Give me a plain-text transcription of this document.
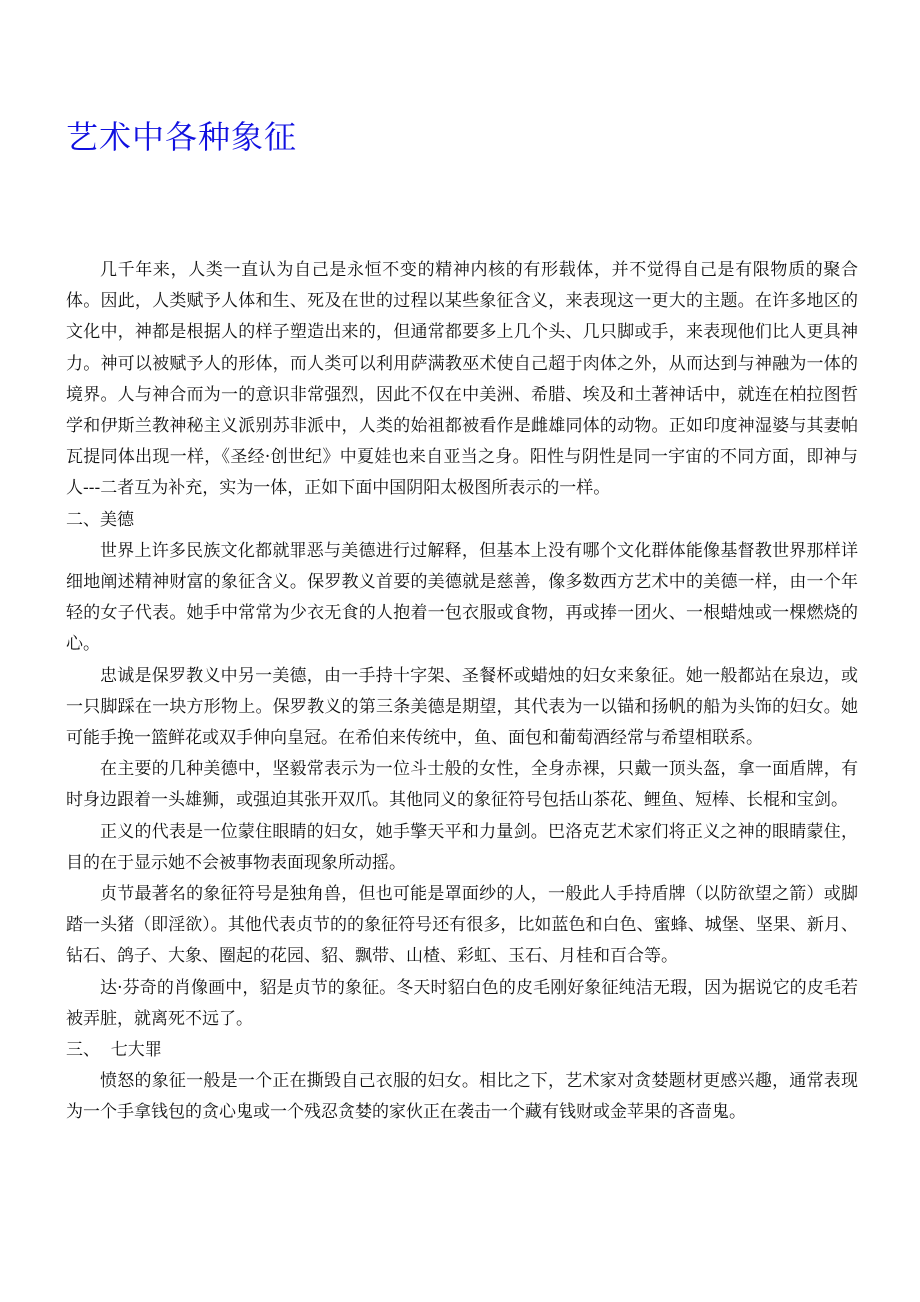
艺术中各种象征

几千年来，人类一直认为自己是永恒不变的精神内核的有形载体，并不觉得自己是有限物质的聚合体。因此，人类赋予人体和生、死及在世的过程以某些象征含义，来表现这一更大的主题。在许多地区的文化中，神都是根据人的样子塑造出来的，但通常都要多上几个头、几只脚或手，来表现他们比人更具神力。神可以被赋予人的形体，而人类可以利用萨满教巫术使自己超于肉体之外，从而达到与神融为一体的境界。人与神合而为一的意识非常强烈，因此不仅在中美洲、希腊、埃及和土著神话中，就连在柏拉图哲学和伊斯兰教神秘主义派别苏非派中，人类的始祖都被看作是雌雄同体的动物。正如印度神湿婆与其妻帕瓦提同体出现一样，《圣经·创世纪》中夏娃也来自亚当之身。阳性与阴性是同一宇宙的不同方面，即神与人---二者互为补充，实为一体，正如下面中国阴阳太极图所表示的一样。

二、美德

世界上许多民族文化都就罪恶与美德进行过解释，但基本上没有哪个文化群体能像基督教世界那样详细地阐述精神财富的象征含义。保罗教义首要的美德就是慈善，像多数西方艺术中的美德一样，由一个年轻的女子代表。她手中常常为少衣无食的人抱着一包衣服或食物，再或捧一团火、一根蜡烛或一棵燃烧的心。

忠诚是保罗教义中另一美德，由一手持十字架、圣餐杯或蜡烛的妇女来象征。她一般都站在泉边，或一只脚踩在一块方形物上。保罗教义的第三条美德是期望，其代表为一以锚和扬帆的船为头饰的妇女。她可能手挽一篮鲜花或双手伸向皇冠。在希伯来传统中，鱼、面包和葡萄酒经常与希望相联系。

在主要的几种美德中，坚毅常表示为一位斗士般的女性，全身赤裸，只戴一顶头盔，拿一面盾牌，有时身边跟着一头雄狮，或强迫其张开双爪。其他同义的象征符号包括山茶花、鲤鱼、短棒、长棍和宝剑。

正义的代表是一位蒙住眼睛的妇女，她手擎天平和力量剑。巴洛克艺术家们将正义之神的眼睛蒙住，目的在于显示她不会被事物表面现象所动摇。

贞节最著名的象征符号是独角兽，但也可能是罩面纱的人，一般此人手持盾牌（以防欲望之箭）或脚踏一头猪（即淫欲）。其他代表贞节的的象征符号还有很多，比如蓝色和白色、蜜蜂、城堡、坚果、新月、钻石、鸽子、大象、圈起的花园、貂、飘带、山楂、彩虹、玉石、月桂和百合等。

达·芬奇的肖像画中，貂是贞节的象征。冬天时貂白色的皮毛刚好象征纯洁无瑕，因为据说它的皮毛若被弄脏，就离死不远了。

三、  七大罪

愤怒的象征一般是一个正在撕毁自己衣服的妇女。相比之下，艺术家对贪婪题材更感兴趣，通常表现为一个手拿钱包的贪心鬼或一个残忍贪婪的家伙正在袭击一个藏有钱财或金苹果的吝啬鬼。
